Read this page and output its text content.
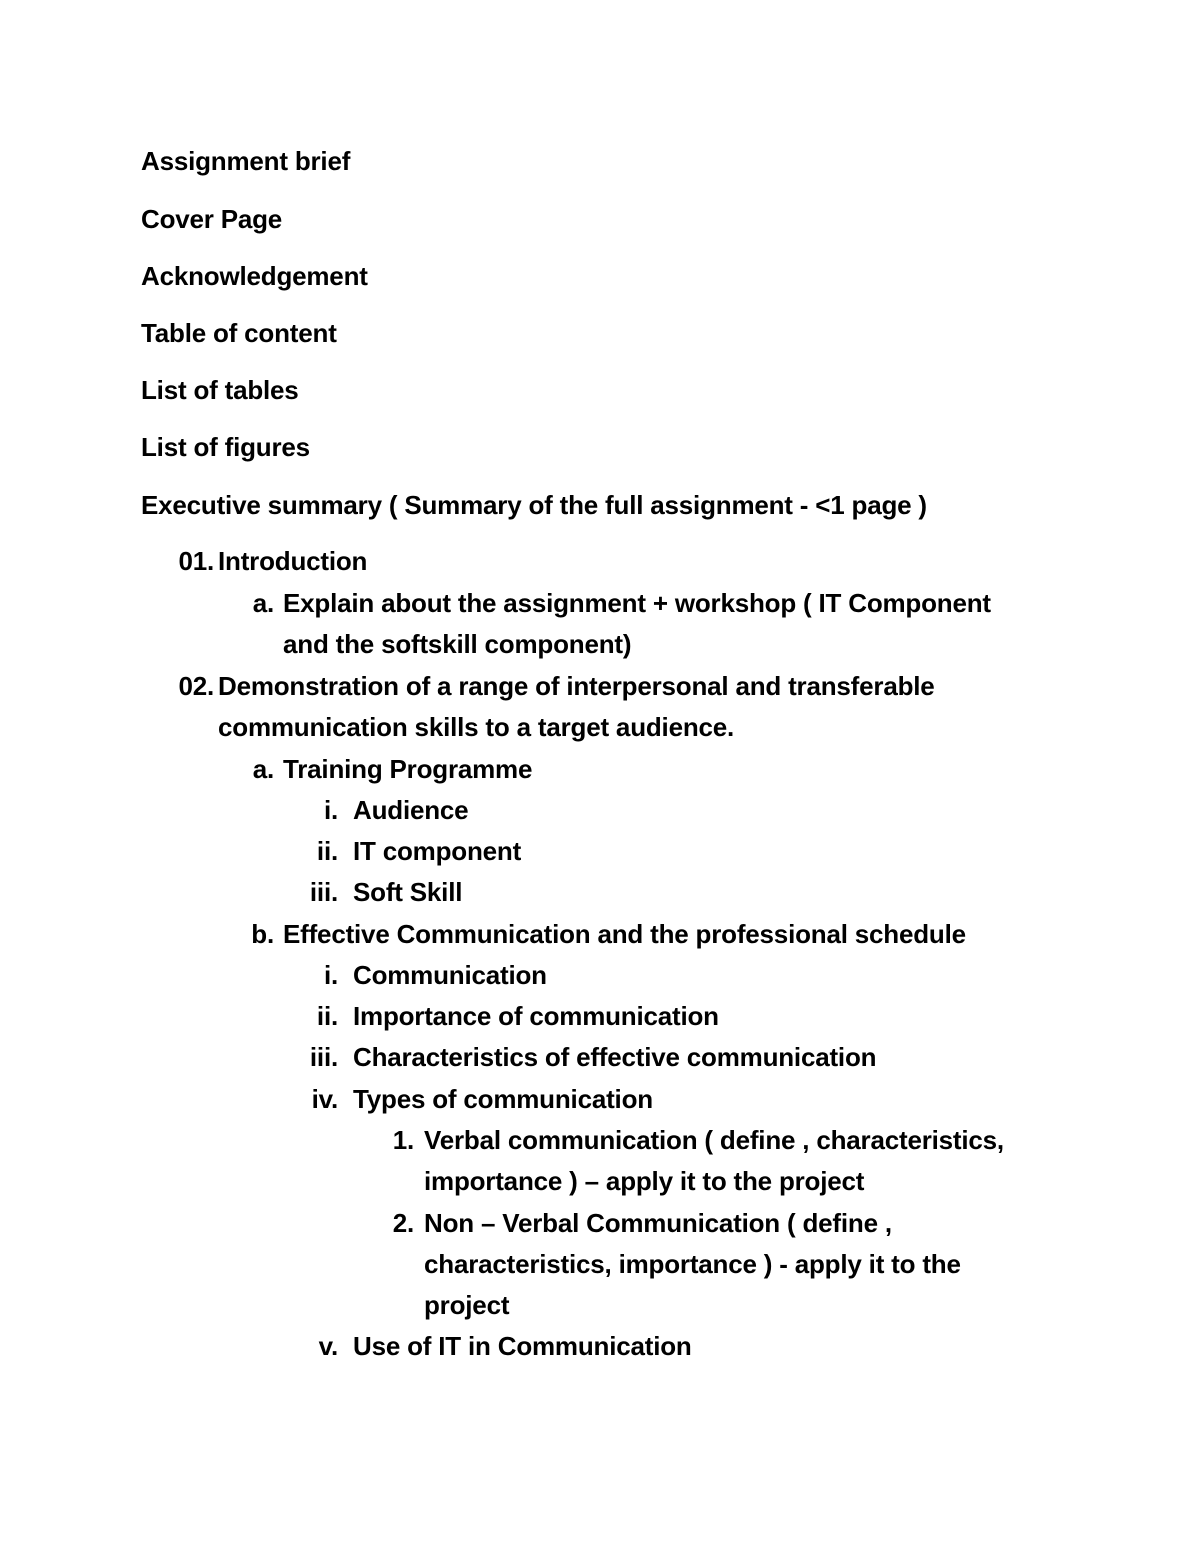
Assignment brief
Cover Page
Acknowledgement
Table of content
List of tables
List of figures
Executive summary ( Summary of the full assignment - <1 page )
01. Introduction
a. Explain about the assignment + workshop ( IT Component
and the softskill component)
02. Demonstration of a range of interpersonal and transferable
communication skills to a target audience.
a. Training Programme
i. Audience
ii. IT component
iii. Soft Skill
b. Effective Communication and the professional schedule
i. Communication
ii. Importance of communication
iii. Characteristics of effective communication
iv. Types of communication
1. Verbal communication ( define , characteristics,
importance ) – apply it to the project
2. Non – Verbal Communication ( define ,
characteristics, importance ) - apply it to the
project
v. Use of IT in Communication
